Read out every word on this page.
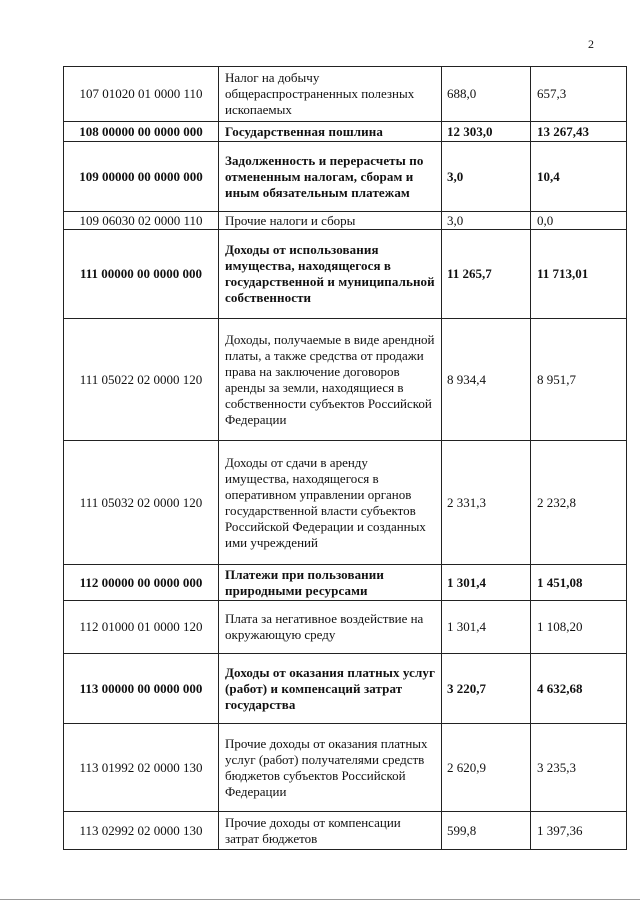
2
107 01020 01 0000 110	Налог на добычу общераспространенных полезных ископаемых	688,0	657,3
108 00000 00 0000 000	Государственная пошлина	12 303,0	13 267,43
109 00000 00 0000 000	Задолженность и перерасчеты по отмененным налогам, сборам и иным обязательным платежам	3,0	10,4
109 06030 02 0000 110	Прочие налоги и сборы	3,0	0,0
111 00000 00 0000 000	Доходы от использования имущества, находящегося в государственной и муниципальной собственности	11 265,7	11 713,01
111 05022 02 0000 120	Доходы, получаемые в виде арендной платы, а также средства от продажи права на заключение договоров аренды за земли, находящиеся в собственности субъектов Российской Федерации	8 934,4	8 951,7
111 05032 02 0000 120	Доходы от сдачи в аренду имущества, находящегося в оперативном управлении органов государственной власти субъектов Российской Федерации и созданных ими учреждений	2 331,3	2 232,8
112 00000 00 0000 000	Платежи при пользовании природными ресурсами	1 301,4	1 451,08
112 01000 01 0000 120	Плата за негативное воздействие на окружающую среду	1 301,4	1 108,20
113 00000 00 0000 000	Доходы от оказания платных услуг (работ) и компенсаций затрат государства	3 220,7	4 632,68
113 01992 02 0000 130	Прочие доходы от оказания платных услуг (работ) получателями средств бюджетов субъектов Российской Федерации	2 620,9	3 235,3
113 02992 02 0000 130	Прочие доходы от компенсации затрат бюджетов	599,8	1 397,36
